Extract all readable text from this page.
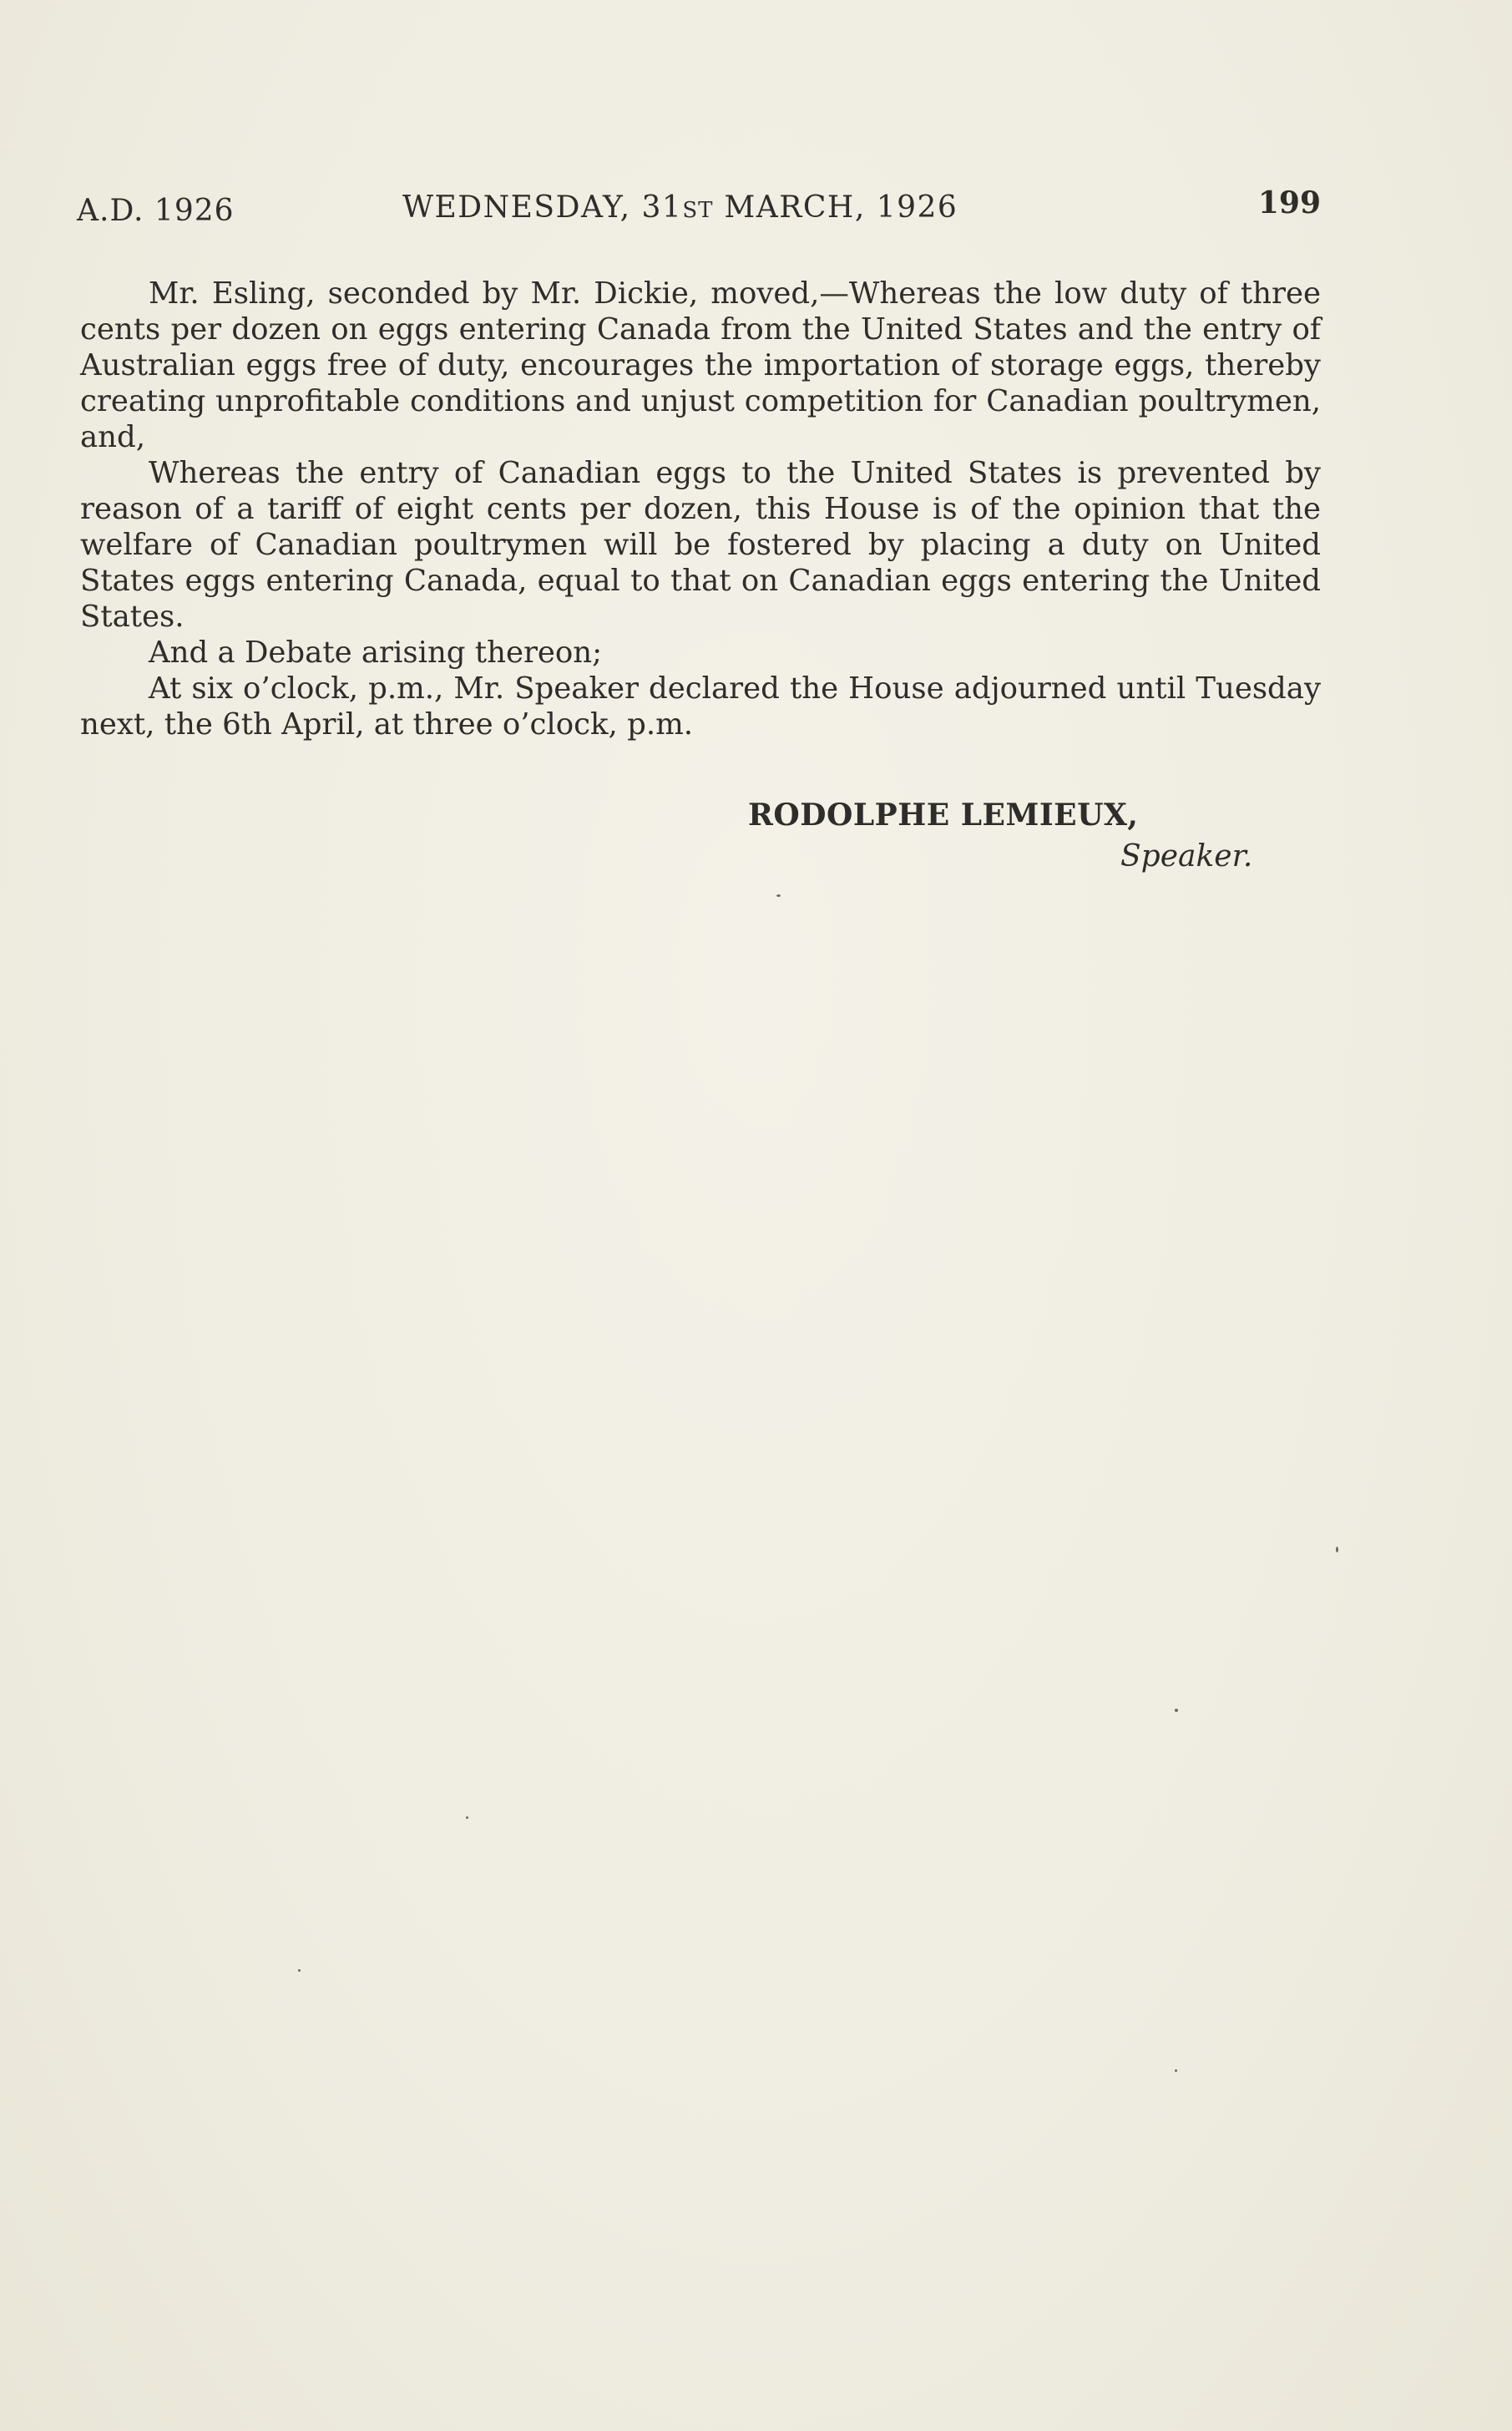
A.D. 1926	WEDNESDAY, 31ST MARCH, 1926	199

Mr. Esling, seconded by Mr. Dickie, moved,—Whereas the low duty of three cents per dozen on eggs entering Canada from the United States and the entry of Australian eggs free of duty, encourages the importation of storage eggs, thereby creating unprofitable conditions and unjust competition for Canadian poultrymen, and,

Whereas the entry of Canadian eggs to the United States is prevented by reason of a tariff of eight cents per dozen, this House is of the opinion that the welfare of Canadian poultrymen will be fostered by placing a duty on United States eggs entering Canada, equal to that on Canadian eggs entering the United States.

And a Debate arising thereon;

At six o’clock, p.m., Mr. Speaker declared the House adjourned until Tuesday next, the 6th April, at three o’clock, p.m.

RODOLPHE LEMIEUX,
Speaker.
